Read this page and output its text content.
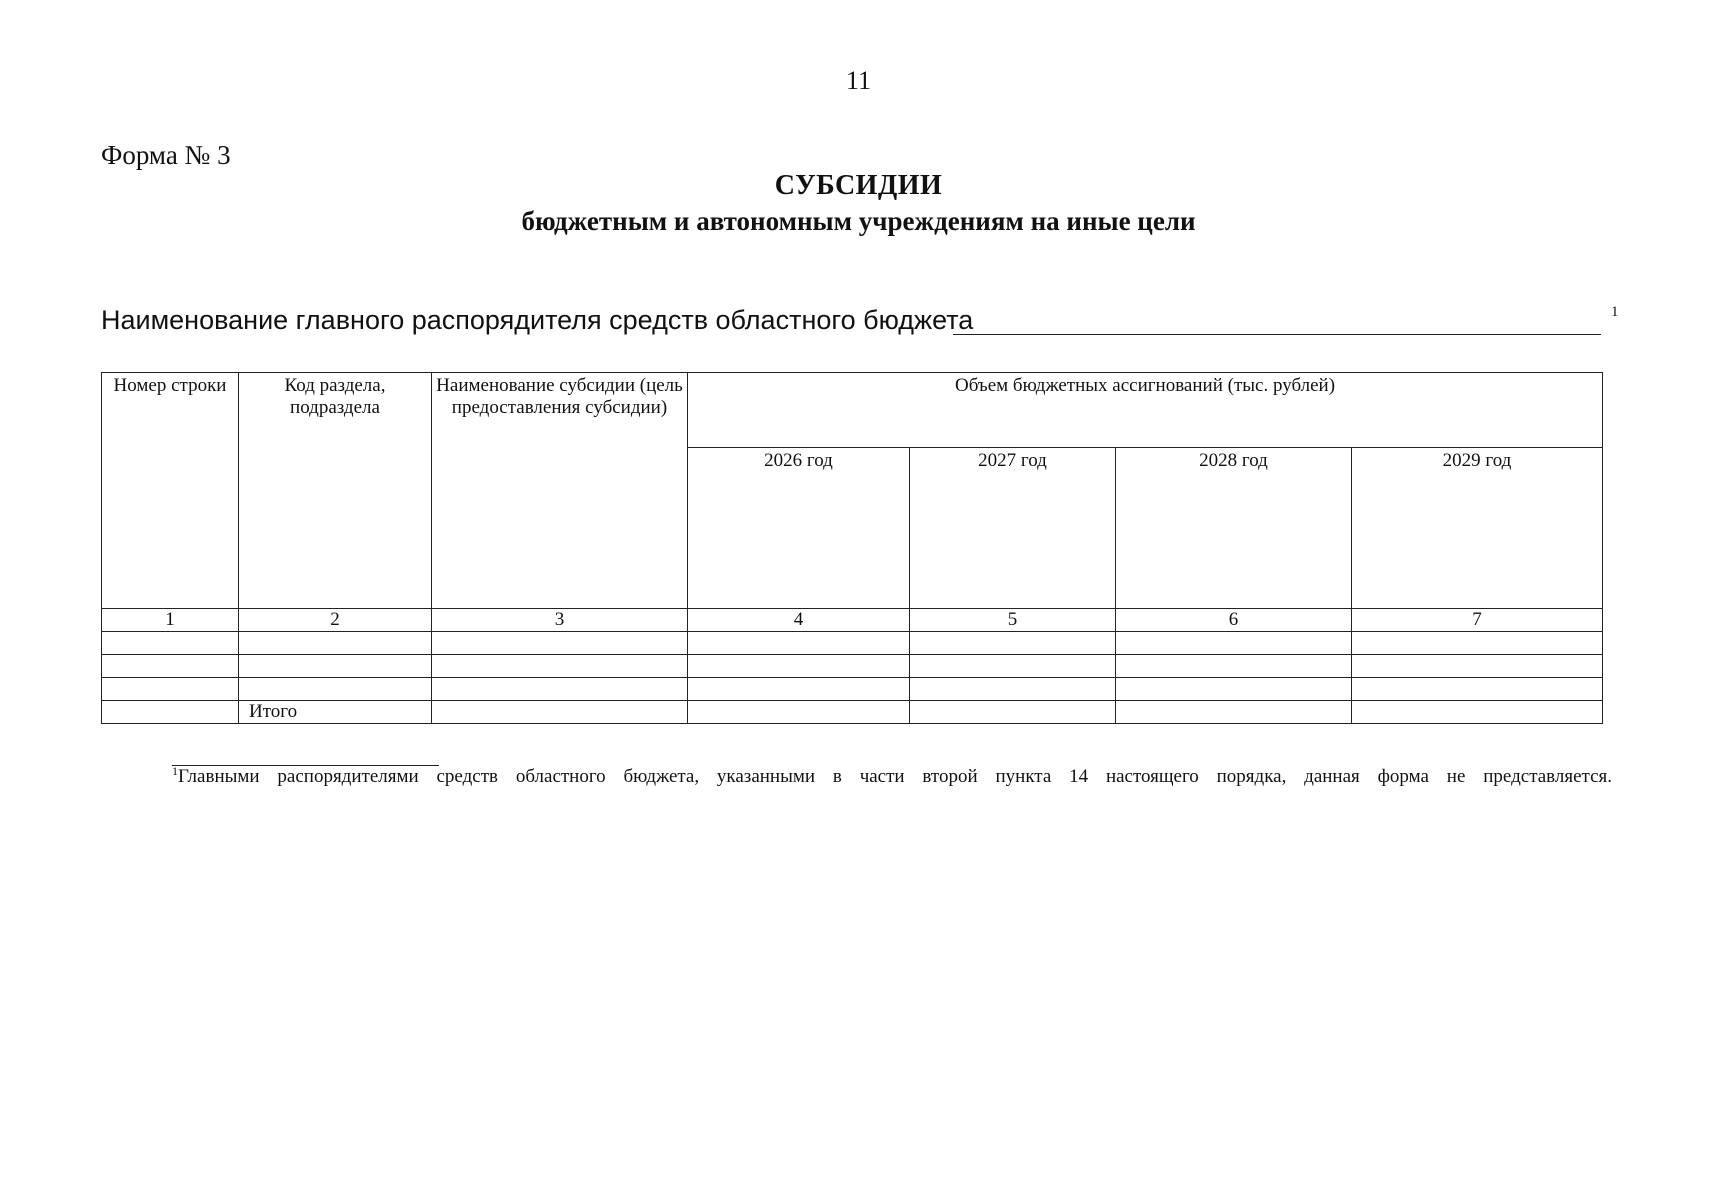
11
Форма № 3
СУБСИДИИ
бюджетным и автономным учреждениям на иные цели
Наименование главного распорядителя средств областного бюджета	1
Номер строки	Код раздела, подраздела	Наименование субсидии (цель предоставления субсидии)	Объем бюджетных ассигнований (тыс. рублей)			
			2026 год	2027 год	2028 год	2029 год
1	2	3	4	5	6	7

	Итого					
$^1$Главными распорядителями средств областного бюджета, указанными в части второй пункта 14 настоящего порядка, данная форма не представляется.
